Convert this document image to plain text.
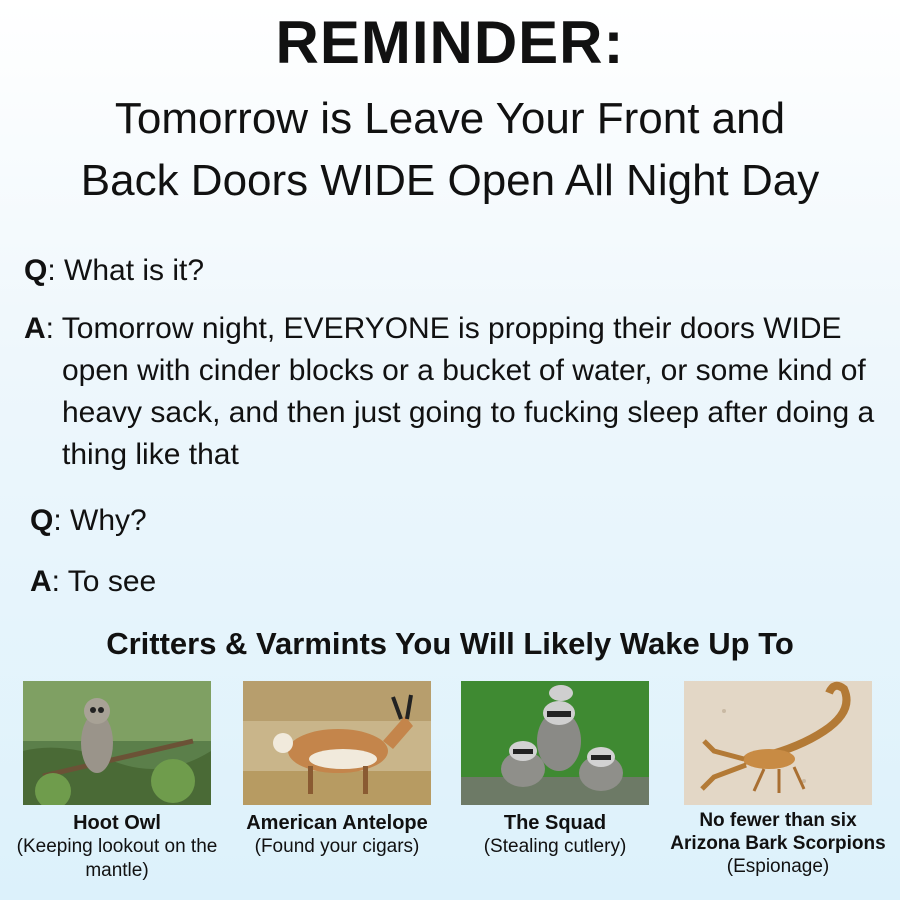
REMINDER:
Tomorrow is Leave Your Front and
Back Doors WIDE Open All Night Day
Q: What is it?
A: Tomorrow night, EVERYONE is propping their doors WIDE open with cinder blocks or a bucket of water, or some kind of heavy sack, and then just going to fucking sleep after doing a thing like that
Q: Why?
A: To see
Critters & Varmints You Will Likely Wake Up To
Hoot Owl
(Keeping lookout on the mantle)
American Antelope
(Found your cigars)
The Squad
(Stealing cutlery)
No fewer than six Arizona Bark Scorpions
(Espionage)
